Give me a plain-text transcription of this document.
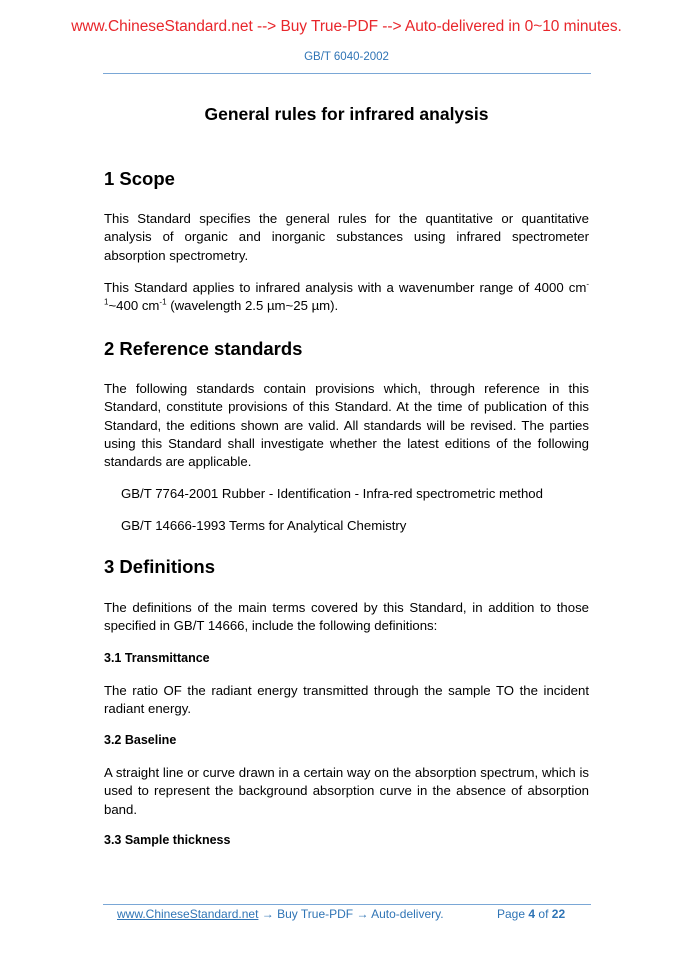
www.ChineseStandard.net --> Buy True-PDF --> Auto-delivered in 0~10 minutes.
GB/T 6040-2002
General rules for infrared analysis
1 Scope

This Standard specifies the general rules for the quantitative or quantitative analysis of organic and inorganic substances using infrared spectrometer absorption spectrometry.

This Standard applies to infrared analysis with a wavenumber range of 4000 $cm^{-1}\sim 400$ $cm^{-1}$ (wavelength 2.5 µm~25 µm).

2 Reference standards

The following standards contain provisions which, through reference in this Standard, constitute provisions of this Standard. At the time of publication of this Standard, the editions shown are valid. All standards will be revised. The parties using this Standard shall investigate whether the latest editions of the following standards are applicable.

GB/T 7764-2001 Rubber - Identification - Infra-red spectrometric method

GB/T 14666-1993 Terms for Analytical Chemistry

3 Definitions

The definitions of the main terms covered by this Standard, in addition to those specified in GB/T 14666, include the following definitions:

3.1 Transmittance

The ratio OF the radiant energy transmitted through the sample TO the incident radiant energy.

3.2 Baseline

A straight line or curve drawn in a certain way on the absorption spectrum, which is used to represent the background absorption curve in the absence of absorption band.

3.3 Sample thickness
www.ChineseStandard.net → Buy True-PDF → Auto-delivery.	Page 4 of 22
